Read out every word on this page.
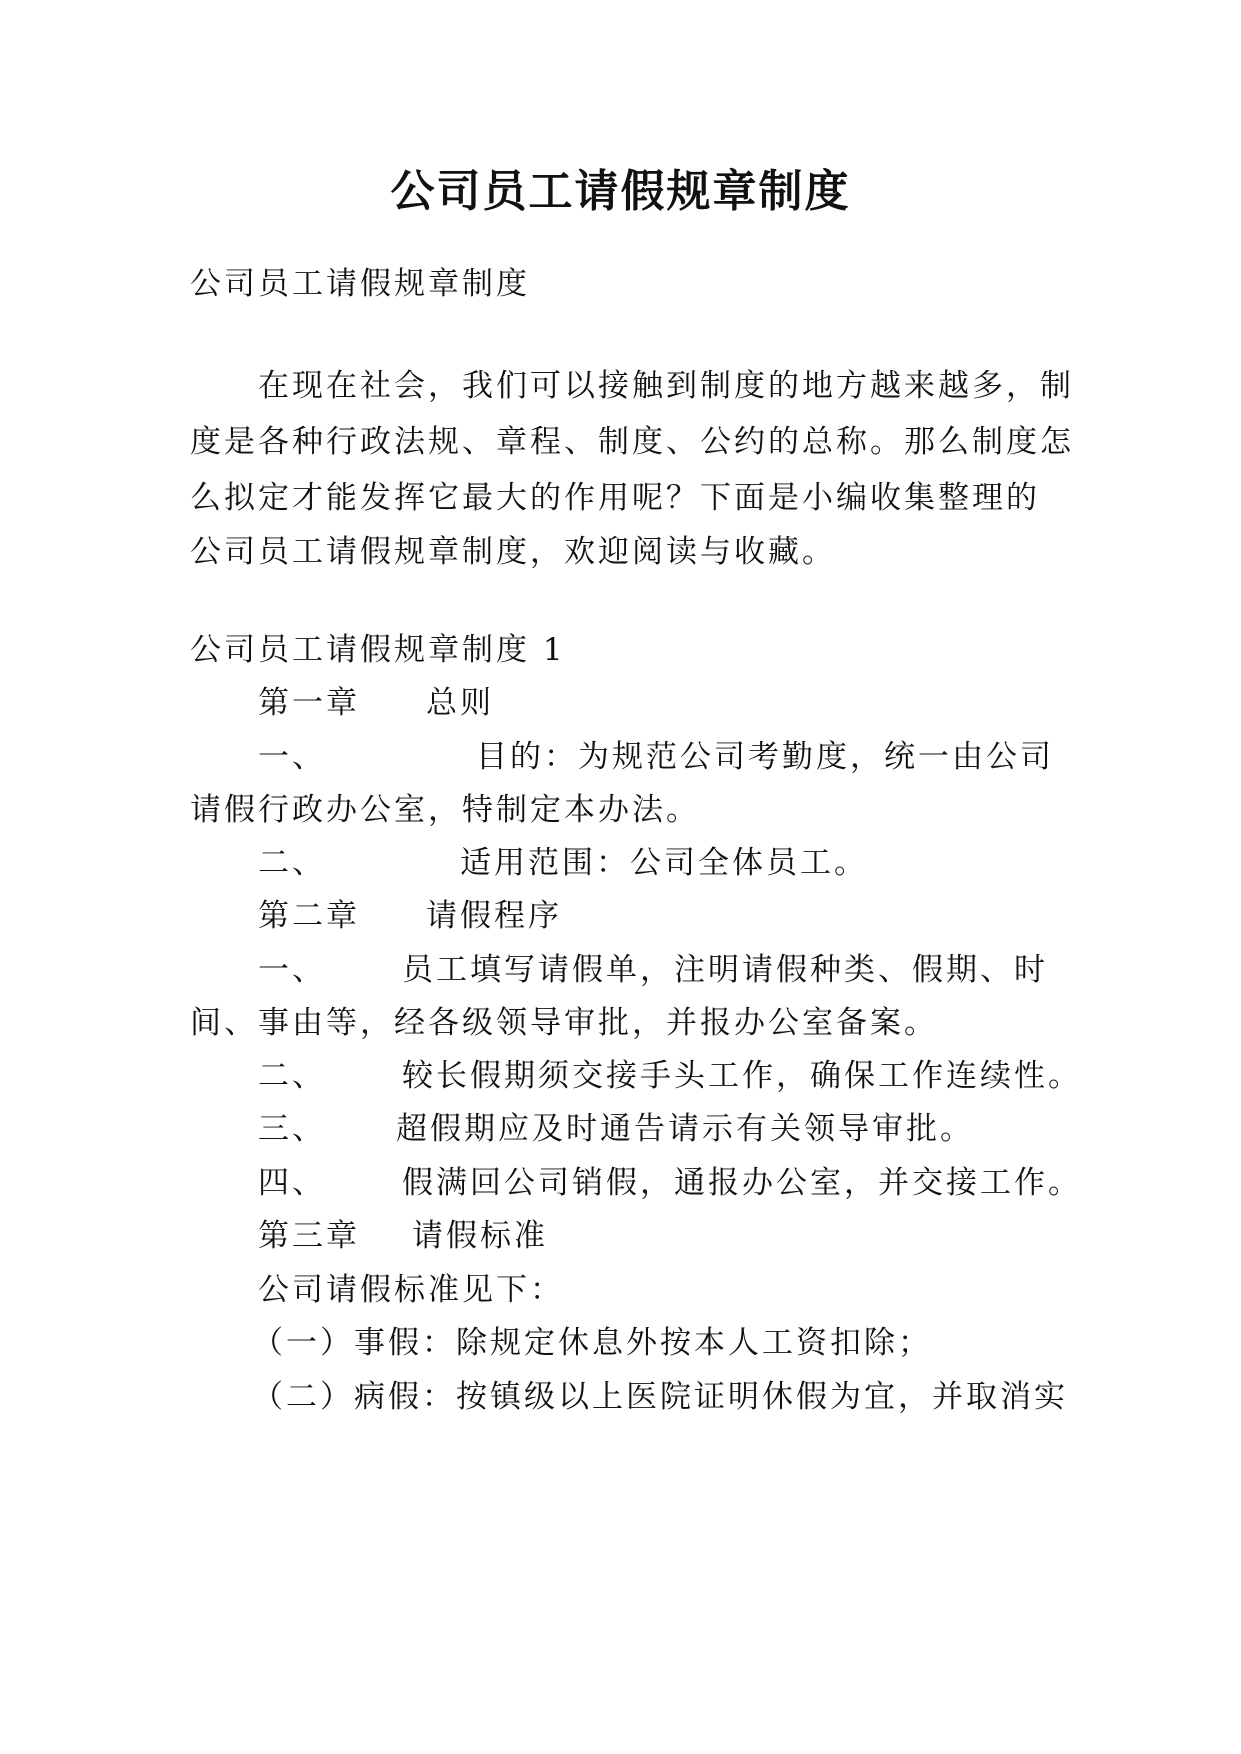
公司员工请假规章制度
公司员工请假规章制度
在现在社会，我们可以接触到制度的地方越来越多，制
度是各种行政法规、章程、制度、公约的总称。那么制度怎
么拟定才能发挥它最大的作用呢？下面是小编收集整理的
公司员工请假规章制度，欢迎阅读与收藏。
公司员工请假规章制度 1
第一章 总则
一、	目的：为规范公司考勤度，统一由公司
请假行政办公室，特制定本办法。
二、	适用范围：公司全体员工。
第二章 请假程序
一、 员工填写请假单，注明请假种类、假期、时
间、事由等，经各级领导审批，并报办公室备案。
二、 较长假期须交接手头工作，确保工作连续性。
三、 超假期应及时通告请示有关领导审批。
四、 假满回公司销假，通报办公室，并交接工作。
第三章 请假标准
公司请假标准见下：
（一）事假：除规定休息外按本人工资扣除；
（二）病假：按镇级以上医院证明休假为宜，并取消实
